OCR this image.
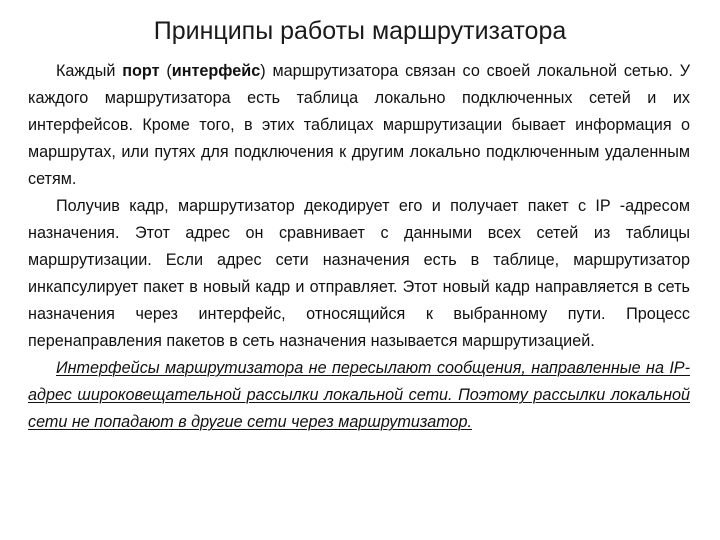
Принципы работы маршрутизатора

Каждый порт (интерфейс) маршрутизатора связан со своей локальной сетью. У каждого маршрутизатора есть таблица локально подключенных сетей и их интерфейсов. Кроме того, в этих таблицах маршрутизации бывает информация о маршрутах, или путях для подключения к другим локально подключенным удаленным сетям.

Получив кадр, маршрутизатор декодирует его и получает пакет с IP -адресом назначения. Этот адрес он сравнивает с данными всех сетей из таблицы маршрутизации. Если адрес сети назначения есть в таблице, маршрутизатор инкапсулирует пакет в новый кадр и отправляет. Этот новый кадр направляется в сеть назначения через интерфейс, относящийся к выбранному пути. Процесс перенаправления пакетов в сеть назначения называется маршрутизацией.

Интерфейсы маршрутизатора не пересылают сообщения, направленные на IP-адрес широковещательной рассылки локальной сети. Поэтому рассылки локальной сети не попадают в другие сети через маршрутизатор.
